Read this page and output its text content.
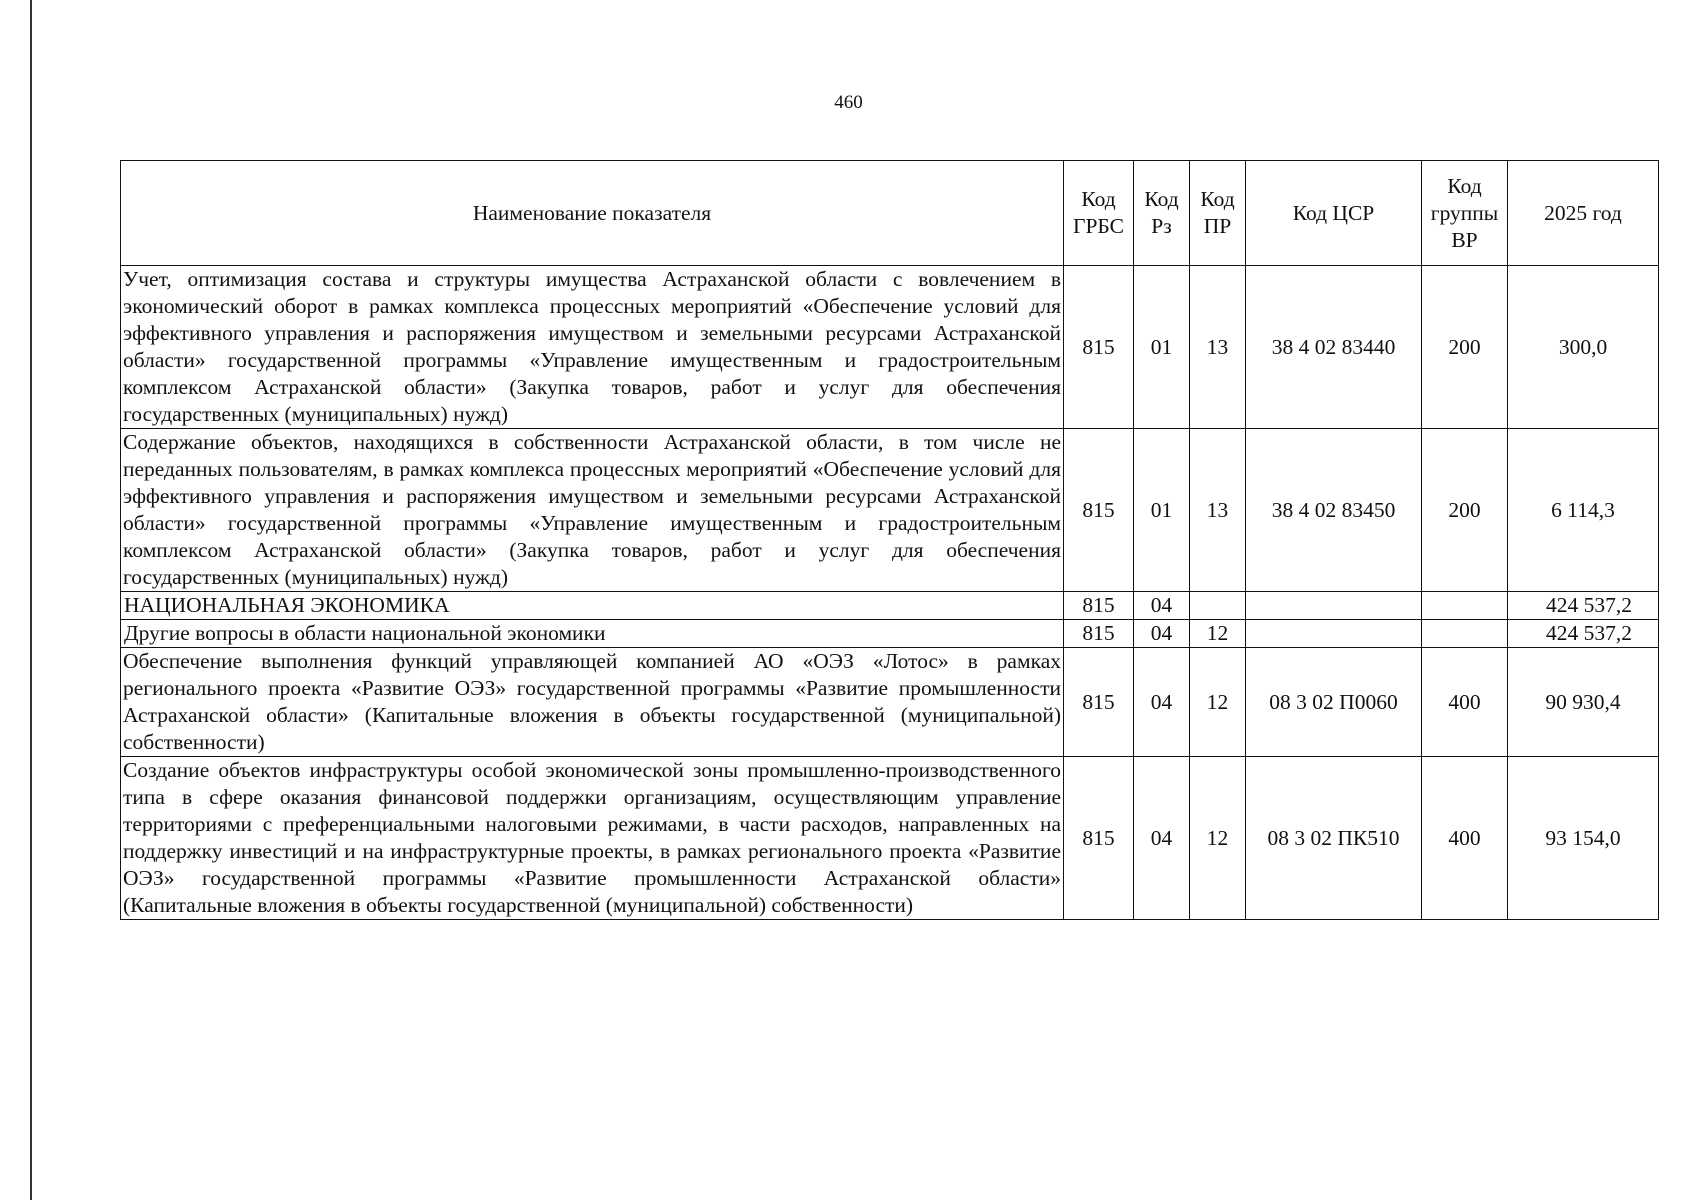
460
Наименование показателя	Код ГРБС	Код Рз	Код ПР	Код ЦСР	Код группы ВР	2025 год
Учет, оптимизация состава и структуры имущества Астраханской области с вовлечением в экономический оборот в рамках комплекса процессных мероприятий «Обеспечение условий для эффективного управления и распоряжения имуществом и земельными ресурсами Астраханской области» государственной программы «Управление имущественным и градостроительным комплексом Астраханской области» (Закупка товаров, работ и услуг для обеспечения государственных (муниципальных) нужд)	815	01	13	38 4 02 83440	200	300,0
Содержание объектов, находящихся в собственности Астраханской области, в том числе не переданных пользователям, в рамках комплекса процессных мероприятий «Обеспечение условий для эффективного управления и распоряжения имуществом и земельными ресурсами Астраханской области» государственной программы «Управление имущественным и градостроительным комплексом Астраханской области» (Закупка товаров, работ и услуг для обеспечения государственных (муниципальных) нужд)	815	01	13	38 4 02 83450	200	6 114,3
НАЦИОНАЛЬНАЯ ЭКОНОМИКА	815	04				424 537,2
Другие вопросы в области национальной экономики	815	04	12			424 537,2
Обеспечение выполнения функций управляющей компанией АО «ОЭЗ «Лотос» в рамках регионального проекта «Развитие ОЭЗ» государственной программы «Развитие промышленности Астраханской области» (Капитальные вложения в объекты государственной (муниципальной) собственности)	815	04	12	08 3 02 П0060	400	90 930,4
Создание объектов инфраструктуры особой экономической зоны промышленно-производственного типа в сфере оказания финансовой поддержки организациям, осуществляющим управление территориями с преференциальными налоговыми режимами, в части расходов, направленных на поддержку инвестиций и на инфраструктурные проекты, в рамках регионального проекта «Развитие ОЭЗ» государственной программы «Развитие промышленности Астраханской области» (Капитальные вложения в объекты государственной (муниципальной) собственности)	815	04	12	08 3 02 ПК510	400	93 154,0
